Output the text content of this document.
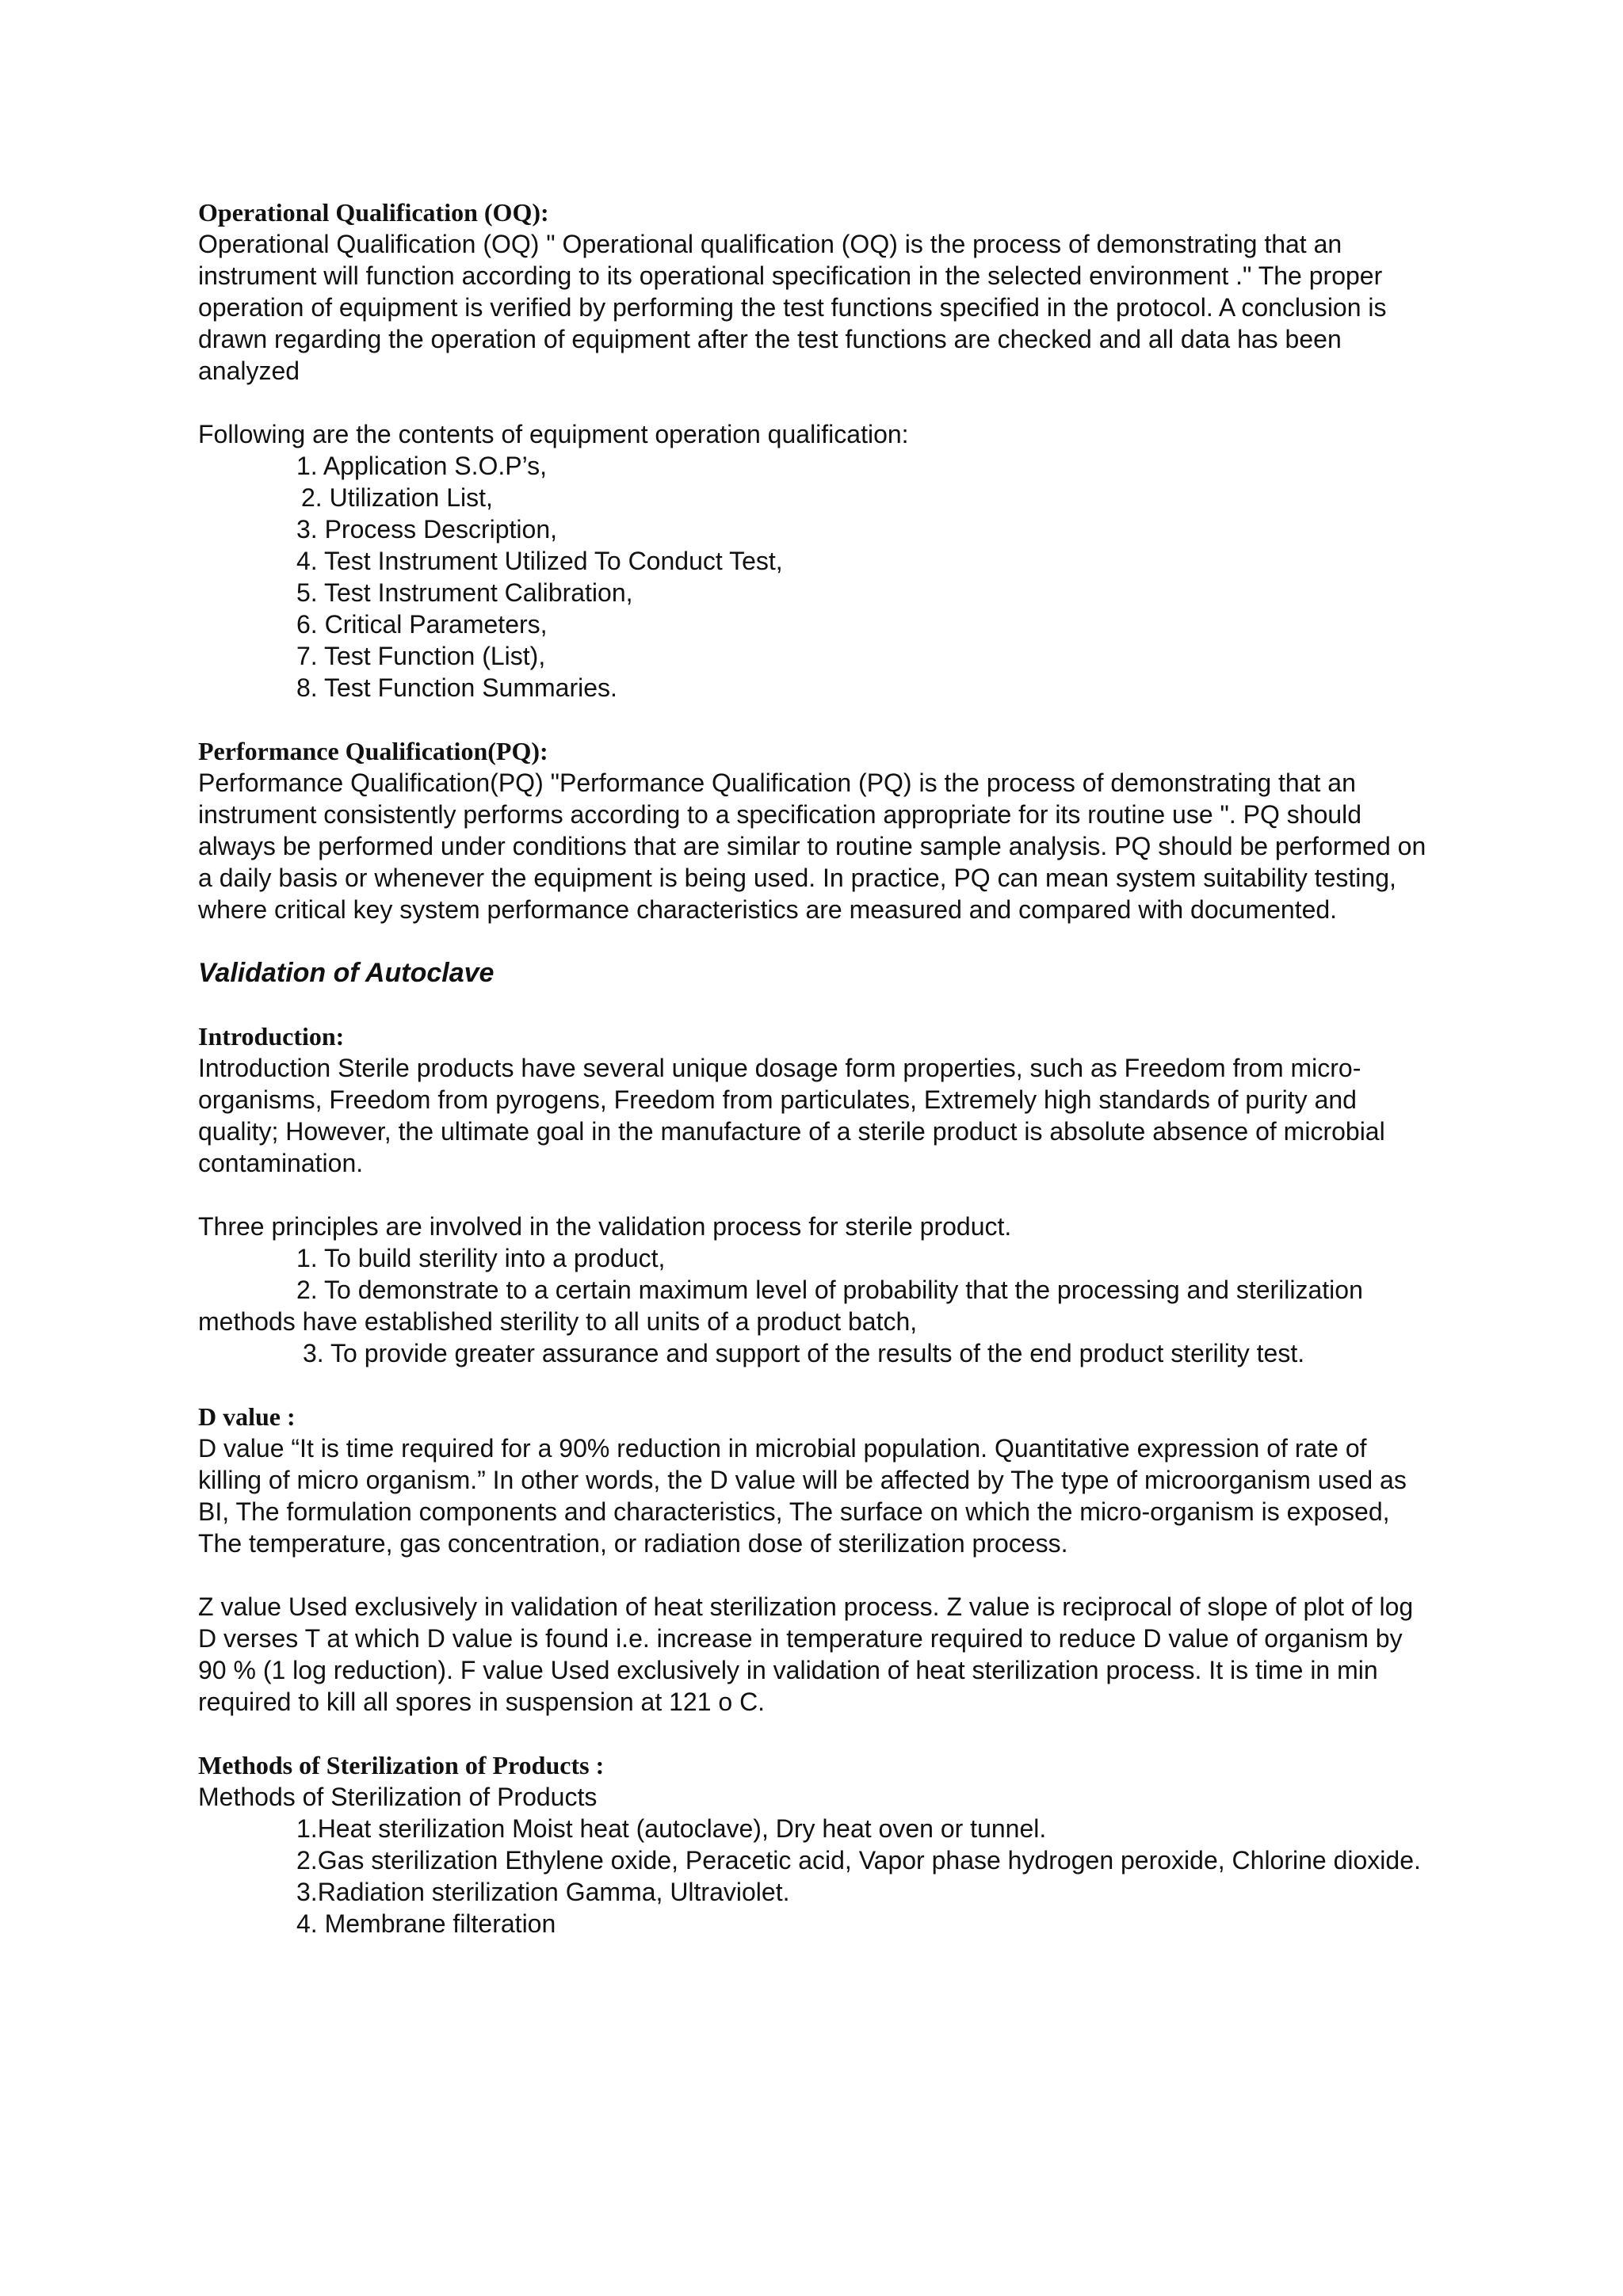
Operational Qualification (OQ):

Operational Qualification (OQ) " Operational qualification (OQ) is the process of demonstrating that an instrument will function according to its operational specification in the selected environment ." The proper operation of equipment is verified by performing the test functions specified in the protocol. A conclusion is drawn regarding the operation of equipment after the test functions are checked and all data has been analyzed

Following are the contents of equipment operation qualification:

1. Application S.O.P’s,
2. Utilization List,
3. Process Description,
4. Test Instrument Utilized To Conduct Test,
5. Test Instrument Calibration,
6. Critical Parameters,
7. Test Function (List),
8. Test Function Summaries.

Performance Qualification(PQ):

Performance Qualification(PQ) "Performance Qualification (PQ) is the process of demonstrating that an instrument consistently performs according to a specification appropriate for its routine use ". PQ should always be performed under conditions that are similar to routine sample analysis. PQ should be performed on a daily basis or whenever the equipment is being used. In practice, PQ can mean system suitability testing, where critical key system performance characteristics are measured and compared with documented.

Validation of Autoclave

Introduction:

Introduction Sterile products have several unique dosage form properties, such as Freedom from micro-organisms, Freedom from pyrogens, Freedom from particulates, Extremely high standards of purity and quality; However, the ultimate goal in the manufacture of a sterile product is absolute absence of microbial contamination.

Three principles are involved in the validation process for sterile product.

1. To build sterility into a product,

2. To demonstrate to a certain maximum level of probability that the processing and sterilization methods have established sterility to all units of a product batch,

3. To provide greater assurance and support of the results of the end product sterility test.

D value :

D value “It is time required for a 90% reduction in microbial population. Quantitative expression of rate of killing of micro organism.” In other words, the D value will be affected by The type of microorganism used as BI, The formulation components and characteristics, The surface on which the micro-organism is exposed, The temperature, gas concentration, or radiation dose of sterilization process.

Z value Used exclusively in validation of heat sterilization process. Z value is reciprocal of slope of plot of log D verses T at which D value is found i.e. increase in temperature required to reduce D value of organism by 90 % (1 log reduction). F value Used exclusively in validation of heat sterilization process. It is time in min required to kill all spores in suspension at 121 o C.

Methods of Sterilization of Products :

Methods of Sterilization of Products

1.Heat sterilization Moist heat (autoclave), Dry heat oven or tunnel.

2.Gas sterilization Ethylene oxide, Peracetic acid, Vapor phase hydrogen peroxide, Chlorine dioxide.

3.Radiation sterilization Gamma, Ultraviolet.

4. Membrane filteration
